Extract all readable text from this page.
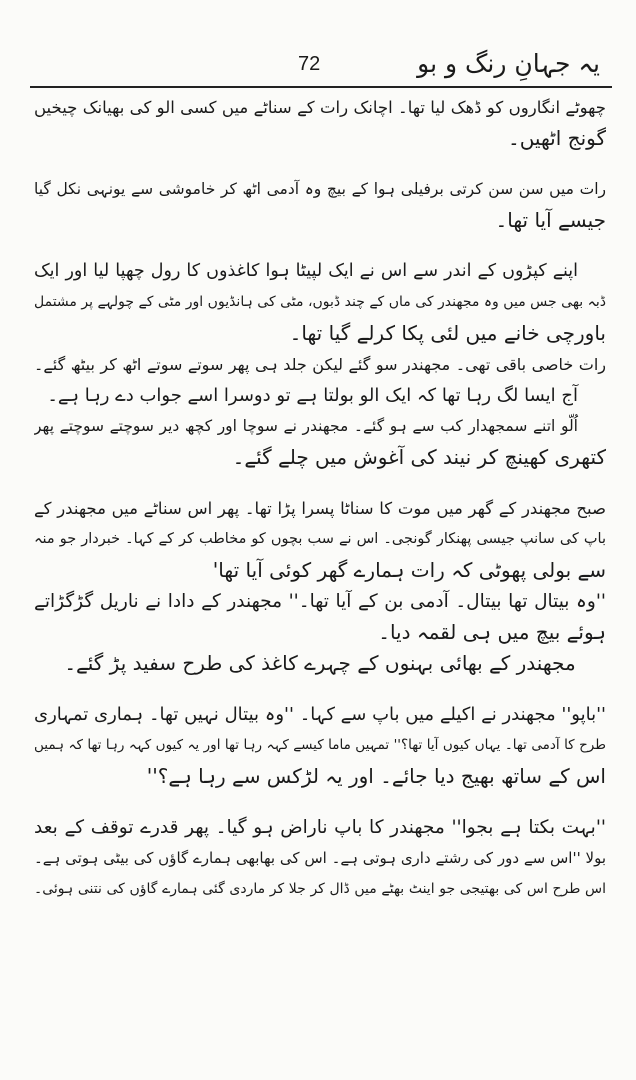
یہ جہانِ رنگ و بو
72
چھوٹے انگاروں کو ڈھک لیا تھا۔ اچانک رات کے سناٹے میں کسی الو کی بھیانک چیخیں
گونج اٹھیں۔
رات میں سن سن کرتی برفیلی ہوا کے بیچ وہ آدمی اٹھ کر خاموشی سے یونہی نکل گیا
جیسے آیا تھا۔
اپنے کپڑوں کے اندر سے اس نے ایک لپیٹا ہوا کاغذوں کا رول چھپا لیا اور ایک
ڈبہ بھی جس میں وہ مجھندر کی ماں کے چند ڈبوں، مٹی کی ہانڈیوں اور مٹی کے چولہے پر مشتمل
باورچی خانے میں لئی پکا کرلے گیا تھا۔
رات خاصی باقی تھی۔ مجھندر سو گئے لیکن جلد ہی پھر سوتے سوتے اٹھ کر بیٹھ گئے۔
آج ایسا لگ رہا تھا کہ ایک الو بولتا ہے تو دوسرا اسے جواب دے رہا ہے۔
اُلّو اتنے سمجھدار کب سے ہو گئے۔ مجھندر نے سوچا اور کچھ دیر سوچتے سوچتے پھر
کتھری کھینچ کر نیند کی آغوش میں چلے گئے۔
صبح مجھندر کے گھر میں موت کا سناٹا پسرا پڑا تھا۔ پھر اس سناٹے میں مجھندر کے
باپ کی سانپ جیسی پھنکار گونجی۔ اس نے سب بچوں کو مخاطب کر کے کہا۔ خبردار جو منہ
سے بولی پھوٹی کہ رات ہمارے گھر کوئی آیا تھا'
''وہ بیتال تھا بیتال۔ آدمی بن کے آیا تھا۔'' مجھندر کے دادا نے ناریل گڑگڑاتے
ہوئے بیچ میں ہی لقمہ دیا۔
مجھندر کے بھائی بہنوں کے چہرے کاغذ کی طرح سفید پڑ گئے۔
''باپو'' مجھندر نے اکیلے میں باپ سے کہا۔ ''وہ بیتال نہیں تھا۔ ہماری تمہاری
طرح کا آدمی تھا۔ یہاں کیوں آیا تھا؟'' تمہیں ماما کیسے کہہ رہا تھا اور یہ کیوں کہہ رہا تھا کہ ہمیں
اس کے ساتھ بھیج دیا جائے۔ اور یہ لڑکس سے رہا ہے؟''
''بہت بکتا ہے بجوا'' مجھندر کا باپ ناراض ہو گیا۔ پھر قدرے توقف کے بعد
بولا ''اس سے دور کی رشتے داری ہوتی ہے۔ اس کی بھابھی ہمارے گاؤں کی بیٹی ہوتی ہے۔
اس طرح اس کی بھتیجی جو اینٹ بھٹے میں ڈال کر جلا کر ماردی گئی ہمارے گاؤں کی نتنی ہوئی۔
